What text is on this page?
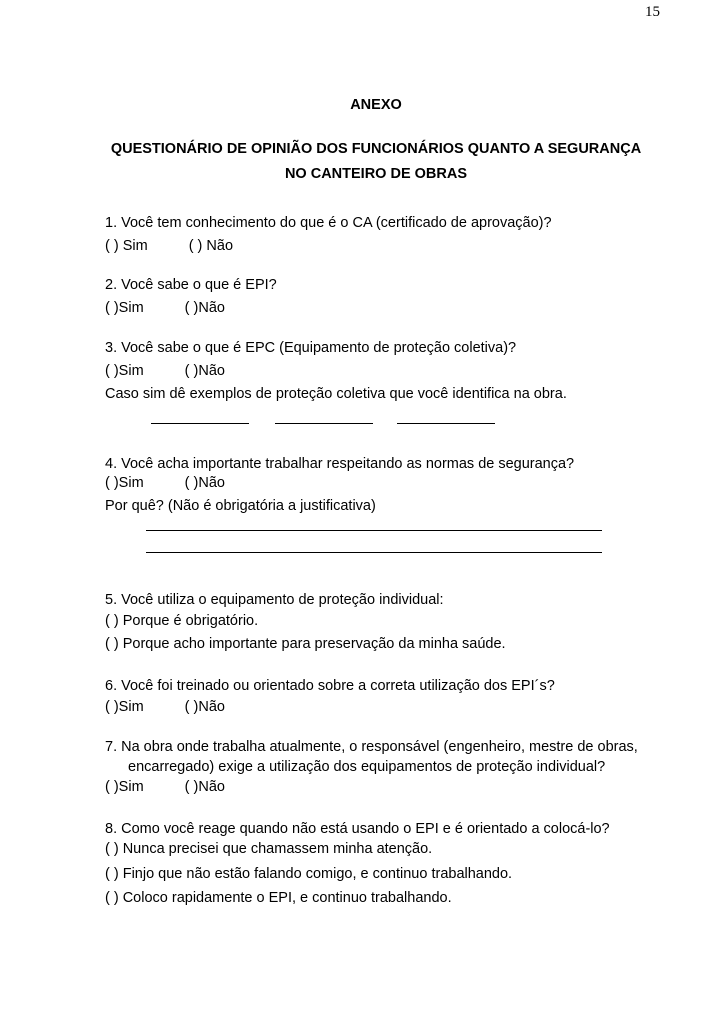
15
ANEXO
QUESTIONÁRIO DE OPINIÃO DOS FUNCIONÁRIOS QUANTO A SEGURANÇA
NO CANTEIRO DE OBRAS
1. Você tem conhecimento do que é o CA (certificado de aprovação)?
( ) Sim	( ) Não
2. Você sabe o que é EPI?
( )Sim	( )Não
3. Você sabe o que é EPC (Equipamento de proteção coletiva)?
( )Sim	( )Não
Caso sim dê exemplos de proteção coletiva que você identifica na obra.
4. Você acha importante trabalhar respeitando as normas de segurança?
( )Sim	( )Não
Por quê? (Não é obrigatória a justificativa)
5. Você utiliza o equipamento de proteção individual:
( ) Porque é obrigatório.
( ) Porque acho importante para preservação da minha saúde.
6. Você foi treinado ou orientado sobre a correta utilização dos EPI´s?
( )Sim	( )Não
7. Na obra onde trabalha atualmente, o responsável (engenheiro, mestre de obras,
encarregado) exige a utilização dos equipamentos de proteção individual?
( )Sim	( )Não
8. Como você reage quando não está usando o EPI e é orientado a colocá-lo?
( ) Nunca precisei que chamassem minha atenção.
( ) Finjo que não estão falando comigo, e continuo trabalhando.
( ) Coloco rapidamente o EPI, e continuo trabalhando.
